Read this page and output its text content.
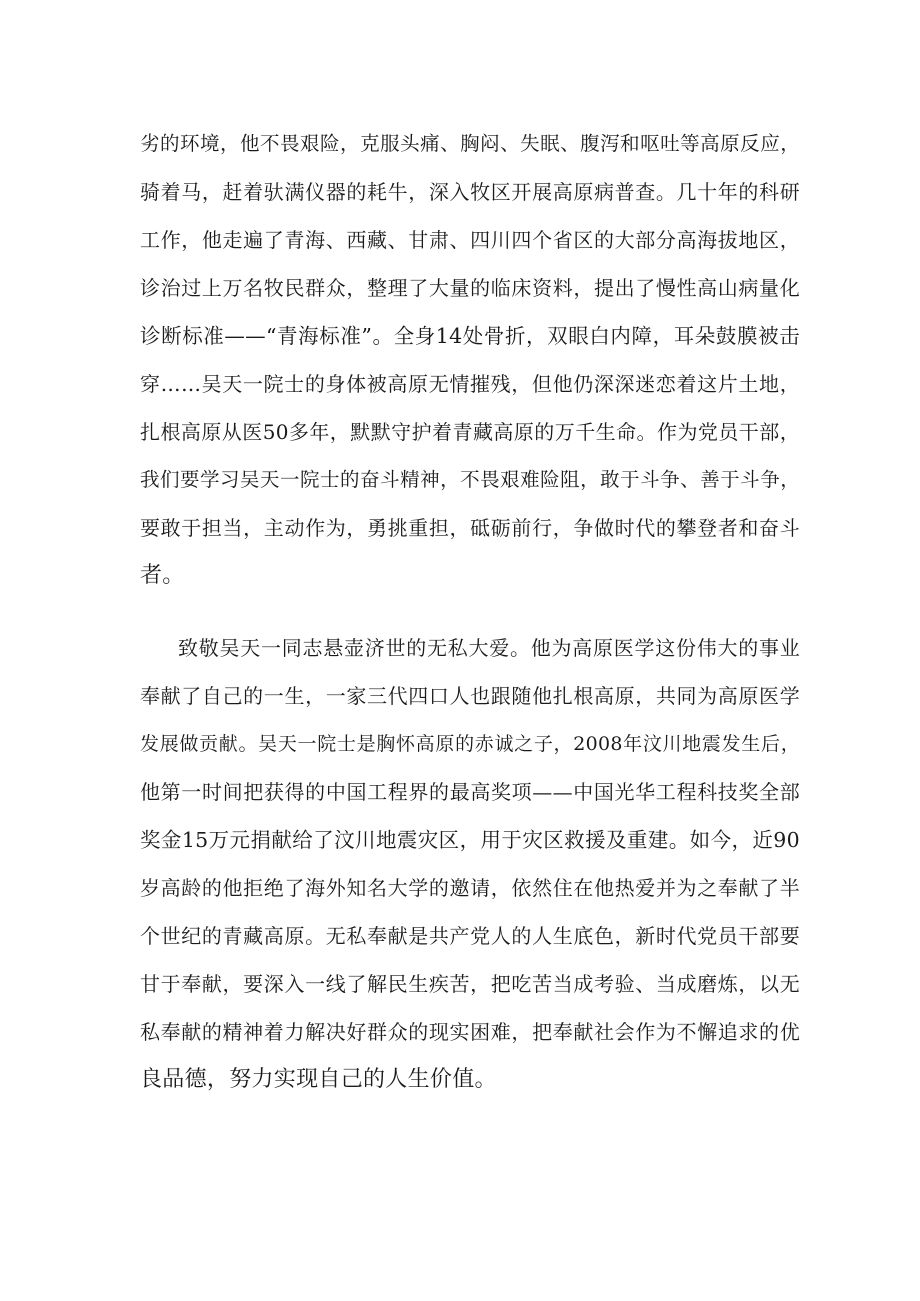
劣的环境，他不畏艰险，克服头痛、胸闷、失眠、腹泻和呕吐等高原反应，
骑着马，赶着驮满仪器的耗牛，深入牧区开展高原病普查。几十年的科研
工作，他走遍了青海、西藏、甘肃、四川四个省区的大部分高海拔地区，
诊治过上万名牧民群众，整理了大量的临床资料，提出了慢性高山病量化
诊断标准——“青海标准”。全身14处骨折，双眼白内障，耳朵鼓膜被击
穿……吴天一院士的身体被高原无情摧残，但他仍深深迷恋着这片土地，
扎根高原从医50多年，默默守护着青藏高原的万千生命。作为党员干部，
我们要学习吴天一院士的奋斗精神，不畏艰难险阻，敢于斗争、善于斗争，
要敢于担当，主动作为，勇挑重担，砥砺前行，争做时代的攀登者和奋斗
者。
致敬吴天一同志悬壶济世的无私大爱。他为高原医学这份伟大的事业
奉献了自己的一生，一家三代四口人也跟随他扎根高原，共同为高原医学
发展做贡献。吴天一院士是胸怀高原的赤诚之子，2008年汶川地震发生后，
他第一时间把获得的中国工程界的最高奖项——中国光华工程科技奖全部
奖金15万元捐献给了汶川地震灾区，用于灾区救援及重建。如今，近90
岁高龄的他拒绝了海外知名大学的邀请，依然住在他热爱并为之奉献了半
个世纪的青藏高原。无私奉献是共产党人的人生底色，新时代党员干部要
甘于奉献，要深入一线了解民生疾苦，把吃苦当成考验、当成磨炼，以无
私奉献的精神着力解决好群众的现实困难，把奉献社会作为不懈追求的优
良品德，努力实现自己的人生价值。
